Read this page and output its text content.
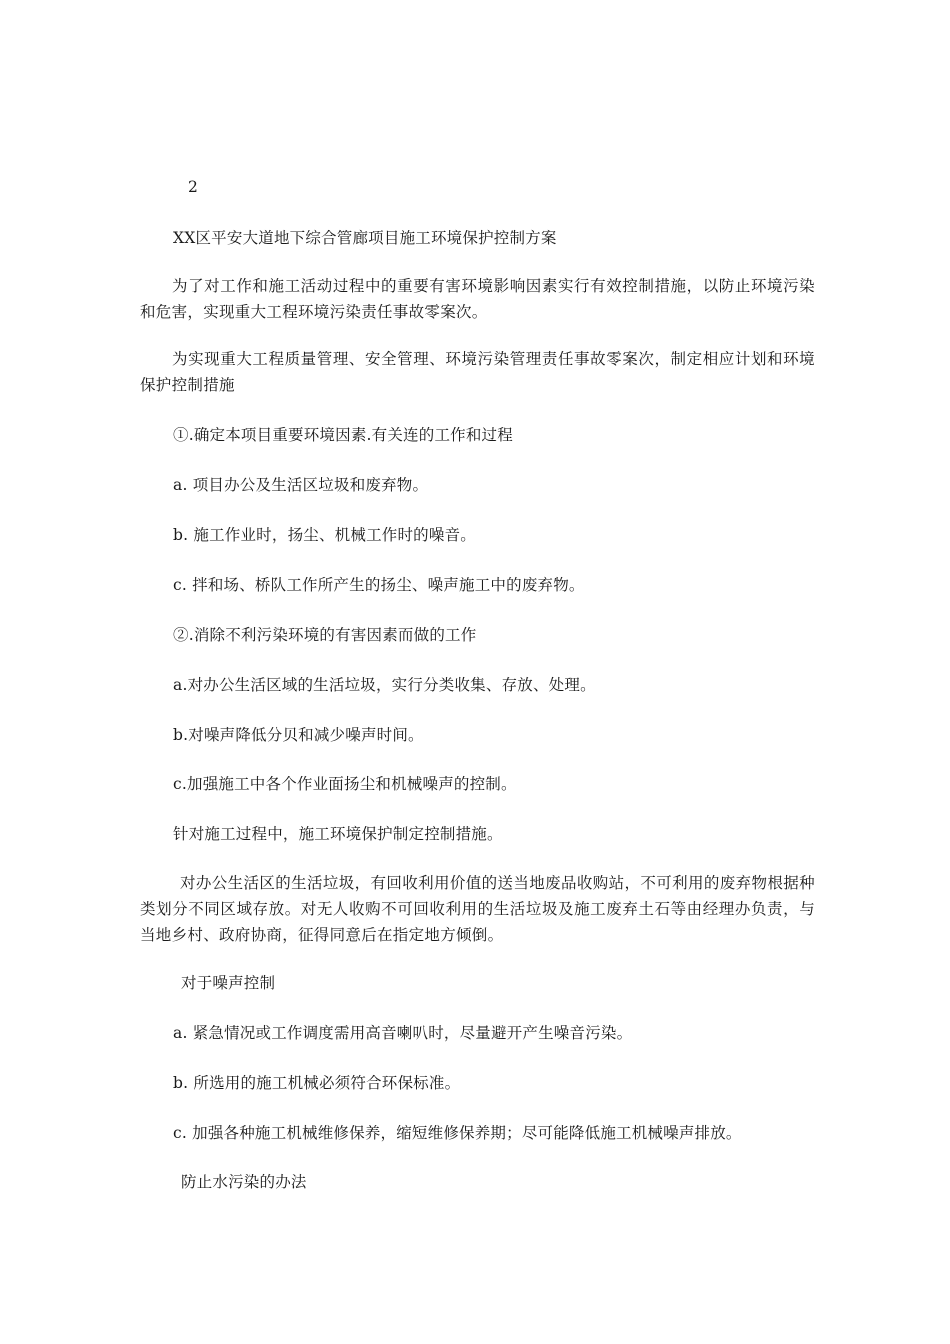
2
XX区平安大道地下综合管廊项目施工环境保护控制方案
为了对工作和施工活动过程中的重要有害环境影响因素实行有效控制措施，以防止环境污染和危害，实现重大工程环境污染责任事故零案次。
为实现重大工程质量管理、安全管理、环境污染管理责任事故零案次，制定相应计划和环境保护控制措施
①.确定本项目重要环境因素.有关连的工作和过程
a. 项目办公及生活区垃圾和废弃物。
b. 施工作业时，扬尘、机械工作时的噪音。
c. 拌和场、桥队工作所产生的扬尘、噪声施工中的废弃物。
②.消除不利污染环境的有害因素而做的工作
a.对办公生活区域的生活垃圾，实行分类收集、存放、处理。
b.对噪声降低分贝和减少噪声时间。
c.加强施工中各个作业面扬尘和机械噪声的控制。
针对施工过程中，施工环境保护制定控制措施。
对办公生活区的生活垃圾，有回收利用价值的送当地废品收购站，不可利用的废弃物根据种类划分不同区域存放。对无人收购不可回收利用的生活垃圾及施工废弃土石等由经理办负责，与当地乡村、政府协商，征得同意后在指定地方倾倒。
对于噪声控制
a. 紧急情况或工作调度需用高音喇叭时，尽量避开产生噪音污染。
b. 所选用的施工机械必须符合环保标准。
c. 加强各种施工机械维修保养，缩短维修保养期；尽可能降低施工机械噪声排放。
防止水污染的办法
